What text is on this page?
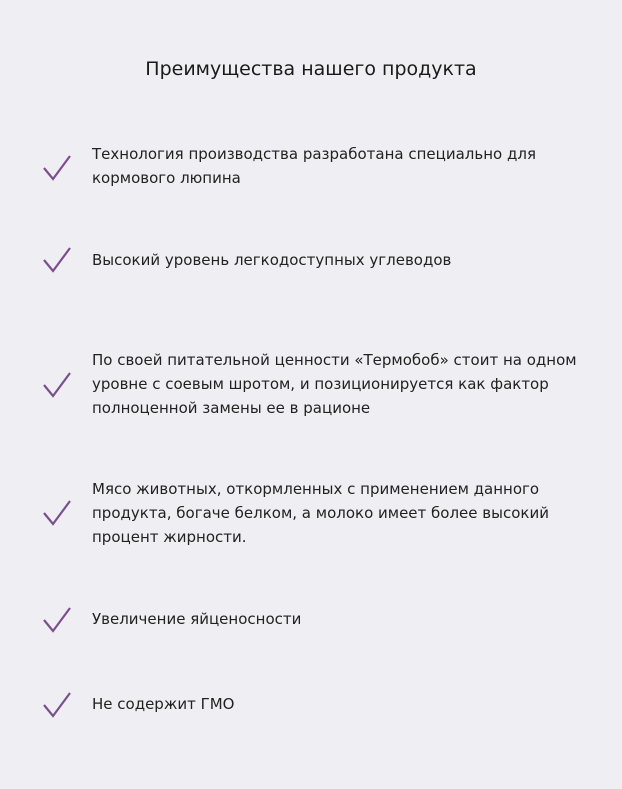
Преимущества нашего продукта
Технология производства разработана специально для
кормового люпина
Высокий уровень легкодоступных углеводов
По своей питательной ценности «Термобоб» стоит на одном
уровне с соевым шротом, и позиционируется как фактор
полноценной замены ее в рационе
Мясо животных, откормленных с применением данного
продукта, богаче белком, а молоко имеет более высокий
процент жирности.
Увеличение яйценосности
Не содержит ГМО
